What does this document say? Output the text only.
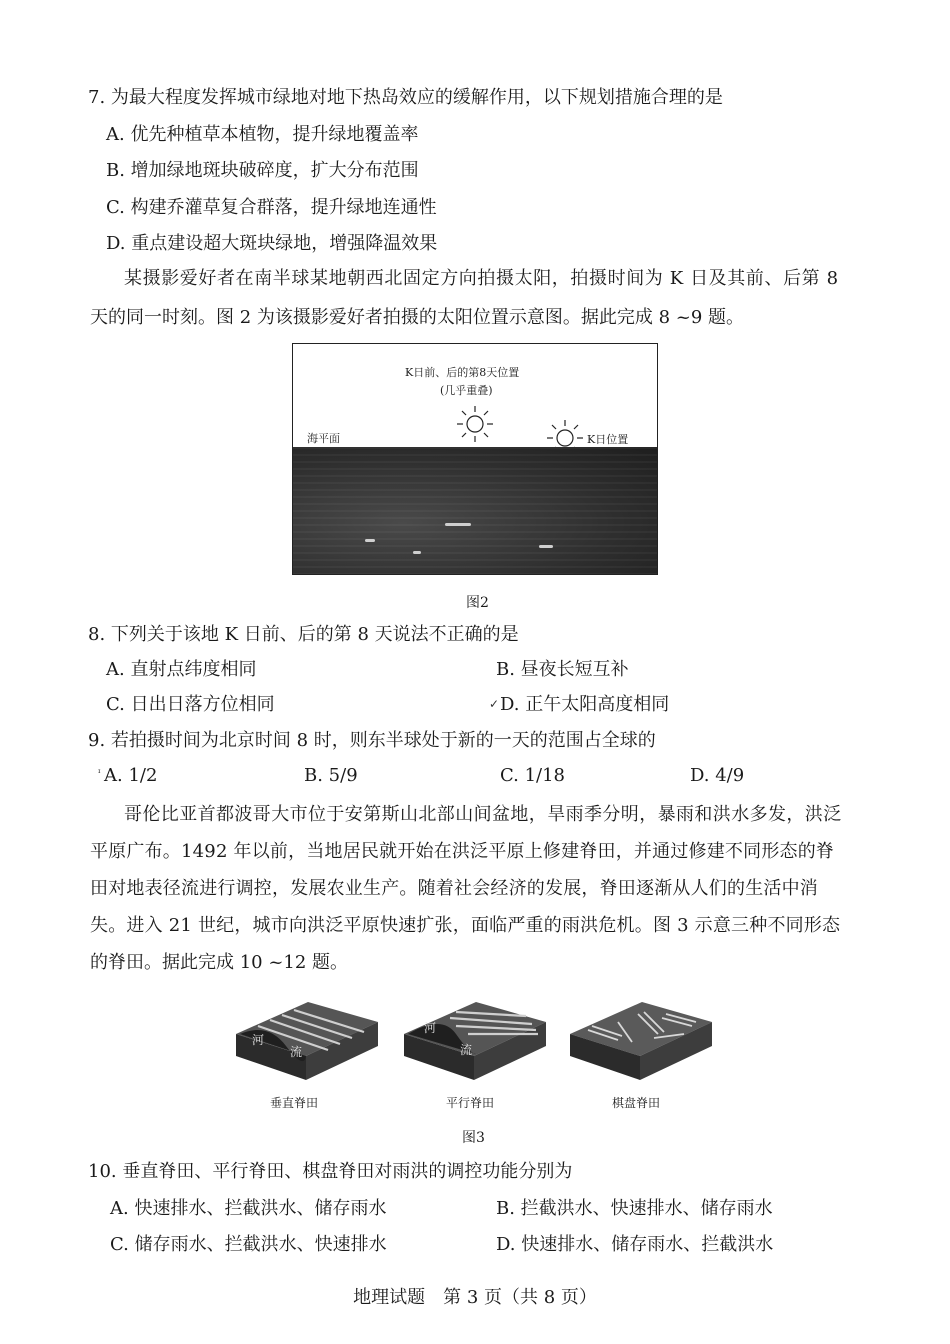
7. 为最大程度发挥城市绿地对地下热岛效应的缓解作用，以下规划措施合理的是
A. 优先种植草本植物，提升绿地覆盖率
B. 增加绿地斑块破碎度，扩大分布范围
C. 构建乔灌草复合群落，提升绿地连通性
D. 重点建设超大斑块绿地，增强降温效果
某摄影爱好者在南半球某地朝西北固定方向拍摄太阳，拍摄时间为 K 日及其前、后第 8
天的同一时刻。图 2 为该摄影爱好者拍摄的太阳位置示意图。据此完成 8 ~9 题。
K日前、后的第8天位置
(几乎重叠)
海平面	K日位置
图2
8. 下列关于该地 K 日前、后的第 8 天说法不正确的是
A. 直射点纬度相同	B. 昼夜长短互补
C. 日出日落方位相同	✓ D. 正午太阳高度相同
9. 若拍摄时间为北京时间 8 时，则东半球处于新的一天的范围占全球的
ᶦ A. 1/2	B. 5/9	C. 1/18	D. 4/9
哥伦比亚首都波哥大市位于安第斯山北部山间盆地，旱雨季分明，暴雨和洪水多发，洪泛
平原广布。1492 年以前，当地居民就开始在洪泛平原上修建脊田，并通过修建不同形态的脊
田对地表径流进行调控，发展农业生产。随着社会经济的发展，脊田逐渐从人们的生活中消
失。进入 21 世纪，城市向洪泛平原快速扩张，面临严重的雨洪危机。图 3 示意三种不同形态
的脊田。据此完成 10 ~12 题。
河
流
垂直脊田
河
流
平行脊田	棋盘脊田
图3
10. 垂直脊田、平行脊田、棋盘脊田对雨洪的调控功能分别为
A. 快速排水、拦截洪水、储存雨水	B. 拦截洪水、快速排水、储存雨水
C. 储存雨水、拦截洪水、快速排水	D. 快速排水、储存雨水、拦截洪水
地理试题　第 3 页（共 8 页）
